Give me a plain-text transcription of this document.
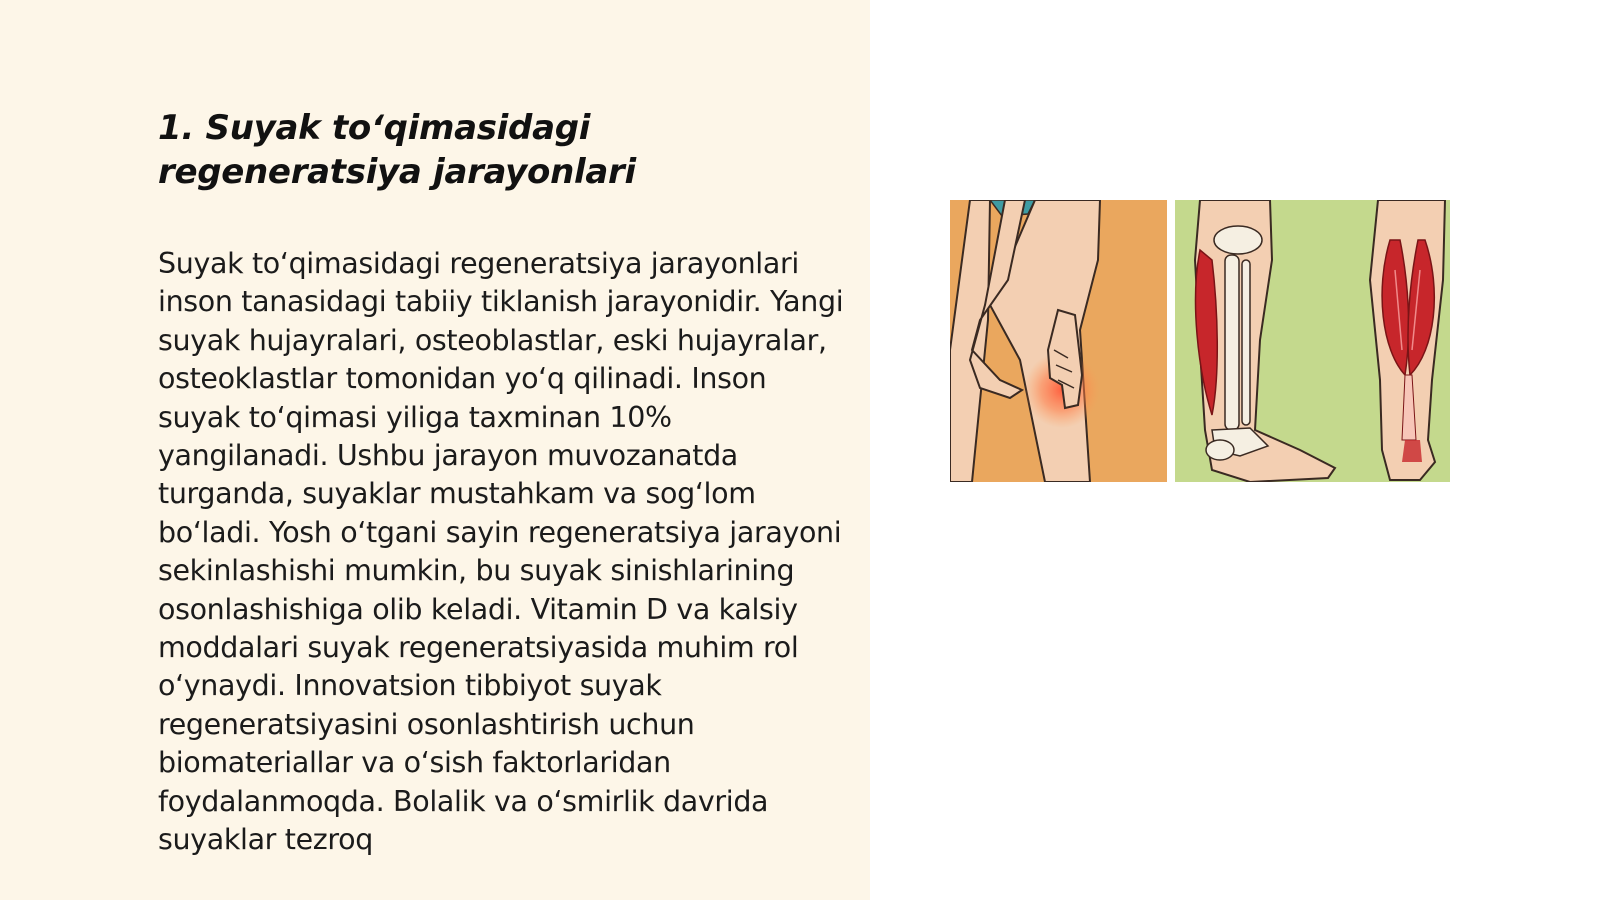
1. Suyak to‘qimasidagi regeneratsiya jarayonlari

Suyak to‘qimasidagi regeneratsiya jarayonlari inson tanasidagi tabiiy tiklanish jarayonidir. Yangi suyak hujayralari, osteoblastlar, eski hujayralar, osteoklastlar tomonidan yo‘q qilinadi. Inson suyak to‘qimasi yiliga taxminan 10% yangilanadi. Ushbu jarayon muvozanatda turganda, suyaklar mustahkam va sog‘lom bo‘ladi. Yosh o‘tgani sayin regeneratsiya jarayoni sekinlashishi mumkin, bu suyak sinishlarining osonlashishiga olib keladi. Vitamin D va kalsiy moddalari suyak regeneratsiyasida muhim rol o‘ynaydi. Innovatsion tibbiyot suyak regeneratsiyasini osonlashtirish uchun biomateriallar va o‘sish faktorlaridan foydalanmoqda. Bolalik va o‘smirlik davrida suyaklar tezroq
